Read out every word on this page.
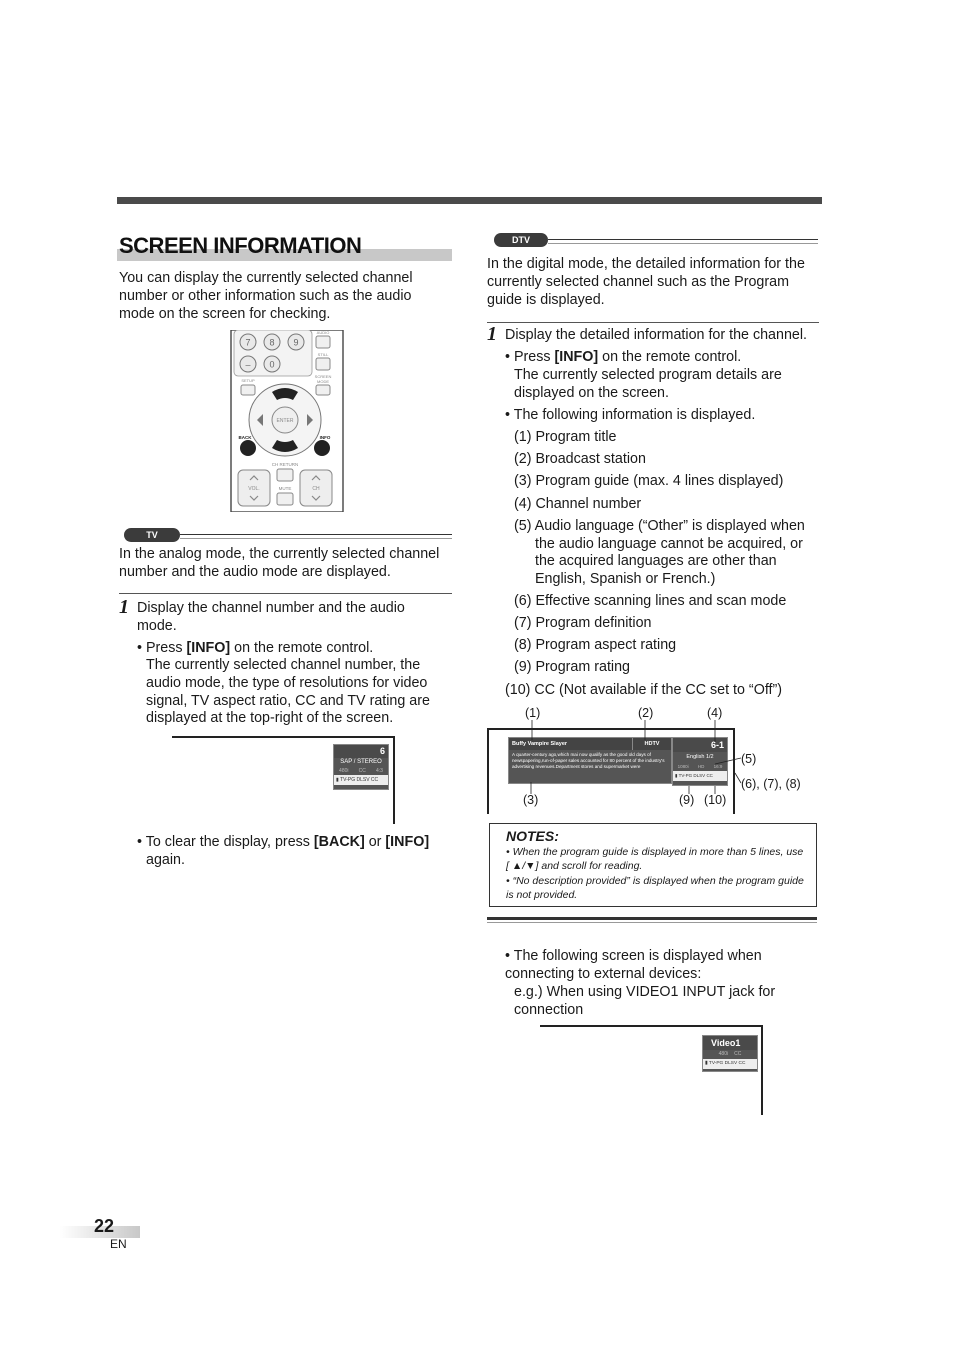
SCREEN INFORMATION
You can display the currently selected channel number or other information such as the audio mode on the screen for checking.
7 8 9
– 0
AUDIO
STILL
SETUP
SCREEN
MODE
ENTER
BACK	INFO
CH RETURN
VOL.	CH
MUTE
TV
In the analog mode, the currently selected channel number and the audio mode are displayed.
1 Display the channel number and the audio mode.
• Press [INFO] on the remote control.
The currently selected channel number, the audio mode, the type of resolutions for video signal, TV aspect ratio, CC and TV rating are displayed at the top-right of the screen.
6
SAP / STEREO
480i CC 4:3
▮ TV-PG DLSV CC
• To clear the display, press [BACK] or [INFO]
again.
DTV
In the digital mode, the detailed information for the currently selected channel such as the Program guide is displayed.
1 Display the detailed information for the channel.
• Press [INFO] on the remote control.
The currently selected program details are displayed on the screen.
• The following information is displayed.
(1) Program title
(2) Broadcast station
(3) Program guide (max. 4 lines displayed)
(4) Channel number
(5) Audio language (“Other” is displayed when
the audio language cannot be acquired, or
the acquired languages are other than
English, Spanish or French.)
(6) Effective scanning lines and scan mode
(7) Program definition
(8) Program aspect rating
(9) Program rating
(10) CC (Not available if the CC set to “Off”)
(1)	(2)	(4)
(5)
(6), (7), (8)
(3)	(9) (10)
Buffy Vampire Slayer	HDTV
A quarter-century ago,which mai now qualify as the good old days of newspapering,run-of-paper sales accounted for 80 percent of the industry's advertising revenues.Department stores and supermarket were
6-1
English 1/2
1080i HD 16:9
▮ TV-PG DLSV CC
NOTES:
• When the program guide is displayed in more than 5 lines, use [ ▲/▼] and scroll for reading.
• “No description provided” is displayed when the program guide is not provided.
• The following screen is displayed when connecting to external devices:
e.g.) When using VIDEO1 INPUT jack for connection
Video1
480i CC
▮ TV-PG DLSV CC
22
EN
